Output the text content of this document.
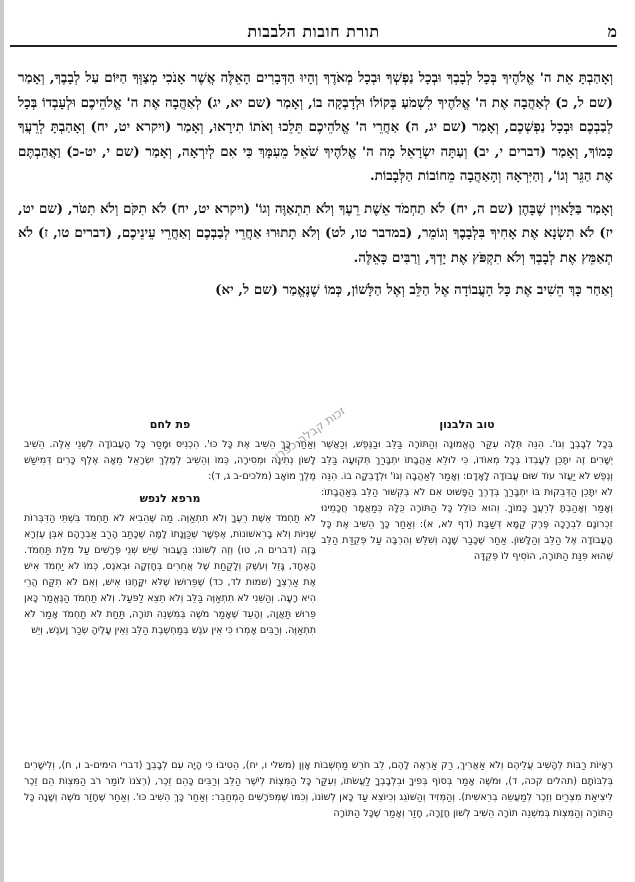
מ
תורת חובות הלבבות

וְאָהַבְתָּ אֵת ה' אֱלֹהֶיךָ בְּכָל לְבָבְךָ וּבְכָל נַפְשְׁךָ וּבְכָל מְאֹדֶךָ וְהָיוּ הַדְּבָרִים הָאֵלֶּה אֲשֶׁר אָנֹכִי מְצַוְּךָ הַיּוֹם עַל לְבָבֶךָ, וְאָמַר (שם ל, כ) לְאַהֲבָה אֶת ה' אֱלֹהֶיךָ לִשְׁמֹעַ בְּקוֹלוֹ וּלְדָבְקָה בוֹ, וְאָמַר (שם יא, יג) לְאַהֲבָה אֶת ה' אֱלֹהֵיכֶם וּלְעָבְדוֹ בְּכָל לְבַבְכֶם וּבְכָל נַפְשְׁכֶם, וְאָמַר (שם יג, ה) אַחֲרֵי ה' אֱלֹהֵיכֶם תֵּלֵכוּ וְאֹתוֹ תִירָאוּ, וְאָמַר (ויקרא יט, יח) וְאָהַבְתָּ לְרֵעֲךָ כָּמוֹךָ, וְאָמַר (דברים י, יב) וְעַתָּה יִשְׂרָאֵל מָה ה' אֱלֹהֶיךָ שֹׁאֵל מֵעִמָּךְ כִּי אִם לְיִרְאָה, וְאָמַר (שם י, יט-כ) וַאֲהַבְתֶּם אֶת הַגֵּר וְגוֹ', וְהַיִּרְאָה וְהָאַהֲבָה מֵחוֹבוֹת הַלְּבָבוֹת.

וְאָמַר בַּלָּאוִין שֶׁבָּהֶן (שם ה, יח) לֹא תַחְמֹד אֵשֶׁת רֵעֶךָ וְלֹא תִתְאַוֶּה וְגוֹ' (ויקרא יט, יח) לֹא תִקֹּם וְלֹא תִטֹּר, (שם יט, יז) לֹא תִשְׂנָא אֶת אָחִיךָ בִּלְבָבֶךָ וְגוֹמֵר, (במדבר טו, לט) וְלֹא תָתוּרוּ אַחֲרֵי לְבַבְכֶם וְאַחֲרֵי עֵינֵיכֶם, (דברים טו, ז) לֹא תְאַמֵּץ אֶת לְבָבְךָ וְלֹא תִקְפֹּץ אֶת יָדְךָ, וְרַבִּים כָּאֵלֶּה.

וְאַחַר כָּךְ הֵשִׁיב אֶת כָּל הָעֲבוֹדָה אֶל הַלֵּב וְאֶל הַלָּשׁוֹן, כְּמוֹ שֶׁנֶּאֱמַר (שם ל, יא)

זכות קבלה כפרי	טוב הלבנון

בְּכָל לְבָבְךָ וְגוֹ'. הִנֵּה תְּלָה עִקַּר הָאֱמוּנָה וְהַתּוֹרָה בַּלֵּב וּבַנֶּפֶשׁ, וְכַאֲשֶׁר יְשָׁרִים זֶה יִתָּכֵן לְעָבְדוֹ בְּכָל מְאוֹדוֹ, כִּי לוּלֵא אַהֲבָתוֹ יִתְבָּרַךְ תְּקוּעָה בַּלֵּב וְנֶפֶשׁ לֹא יַעֲזֹר עוֹד שׁוּם עֲבוֹדָה לָאָדָם: וְאָמַר לְאַהֲבָה וְגוֹ' וּלְדָבְקָה בוֹ. הִנֵּה לֹא יִתָּכֵן הַדְּבֵקוּת בּוֹ יִתְבָּרַךְ בְּדֶרֶךְ הַפָּשׁוּט אִם לֹא בְּקִשּׁוּר הַלֵּב בְּאַהֲבָתוֹ: וְאָמַר וְאָהַבְתָּ לְרֵעֲךָ כָּמוֹךָ. וְהוּא כּוֹלֵל כָּל הַתּוֹרָה כֻּלָּהּ כְּמַאֲמָר חֲכָמֵינוּ זִכְרוֹנָם לִבְרָכָה פֶּרֶק קַמָּא דְּשַׁבָּת (דף לא, א): וְאַחַר כָּךְ הֵשִׁיב אֶת כָּל הָעֲבוֹדָה אֶל הַלֵּב וְהַלָּשׁוֹן. אַחַר שֶׁכָּבַר שָׁנָה וְשִׁלֵּשׁ וְהִרְבָּה עַל פְּקֻדַּת הַלֵּב שֶׁהוּא פִּנַּת הַתּוֹרָה, הוֹסִיף לוֹ פְּקֻדָּה

פת לחם

וְאַחַר כָּךְ הֵשִׁיב אֶת כָּל כּוּ'. הִכְנִיס וּמָסַר כָּל הָעֲבוֹדָה לִשְׁנֵי אֵלֶּה. הֵשִׁיב לָשׁוֹן נְתִינָה וּמְסִירָה, כְּמוֹ וְהֵשִׁיב לְמֶלֶךְ יִשְׂרָאֵל מֵאָה אֶלֶף כָּרִים דְּמִישַׁשׁ מֶלֶךְ מוֹאָב (מלכים-ב ג, ד):

מרפא לנפש

לֹא תַחְמֹד אֵשֶׁת רֵעֶךָ וְלֹא תִתְאַוֶּה. מַה שֶּׁהֵבִיא לֹא תַחְמֹד בִּשְׁתֵּי הַדִּבְּרוֹת שְׁנִיּוֹת וְלֹא בָרִאשׁוֹנוֹת, אֶפְשָׁר שֶׁכַּוָּנָתוֹ לָמָּה שֶׁכָּתַב הָרַב אַבְרָהָם אִבְּן עֶזְרָא בָּזֶה (דברים ה, טו) וְזֶה לְשׁוֹנוֹ: בַּעֲבוּר שֶׁיֵּשׁ שְׁנֵי פְּרָשִׁים עַל מִלַּת תַּחְמֹד. הָאֶחָד, גָּזֵל וְעֹשֶׁק וְלָקַחַת שֶׁל אֲחֵרִים בְּחָזְקָה וּבְאֹנֶס, כְּמוֹ לֹא יַחְמֹד אִישׁ אֶת אַרְצְךָ (שמות לד, כד) שֶׁפֵּרוּשׁוֹ שֶׁלֹּא יִקָּחֶנּוּ אִישׁ, וְאִם לֹא תִקַּח הֲרֵי הִיא רָעָה. וְהַשֵּׁנִי לֹא תִתְאַוֶּה בַּלֵּב וְלֹא תֵצֵא לַפֹּעַל. וְלֹא תַחְמֹד הַנֶּאֱמַר כָּאן פֵּרוּשׁ תַּאֲוָה, וְהָעֵד שֶׁאָמַר מֹשֶׁה בְּמִשְׁנֵה תוֹרָה, תַּחַת לֹא תַחְמֹד אָמַר לֹא תִתְאַוֶּה. וְרַבִּים אָמְרוּ כִּי אֵין עֹנֶשׁ בְּמַחְשֶׁבֶת הַלֵּב וְאֵין עָלֶיהָ שְׂכַר וָעֹנֶשׁ, וְיֵשׁ

רְאָיוֹת רַבּוֹת לְהָשִׁיב עֲלֵיהֶם וְלֹא אַאֲרִיךְ, רַק אַרְאֶה לָהֶם, לֵב חֹרֵשׁ מַחְשְׁבוֹת אָוֶן (משלי ו, יח), הֵטִיבוּ כִּי הָיָה עִם לְבָבְךָ (דברי הימים-ב ו, ח), וְלִישָׁרִים בְּלִבּוֹתָם (תהלים קכה, ד), וּמֹשֶׁה אָמַר בְּסוֹף בְּפִיךָ וּבִלְבָבְךָ לַעֲשֹׂתוֹ, וְעִקַּר כָּל הַמִּצְוֹת לְיֹשֶׁר הַלֵּב וְרַבִּים כָּהֵם זֵכֶר, (רְצֹנוֹ לוֹמַר רֹב הַמִּצְוֹת הֵם זֵכֶר לִיצִיאַת מִצְרַיִם וְזֵכֶר לְמַעֲשֵׂה בְרֵאשִׁית). וְהַמְּזִיד וְהַשּׁוֹגֵג וְכִיוֹצֵא עַד כָּאן לְשׁוֹנוֹ, וְכִמּוֹ שֶׁמְּפֹרָשִׁים הַמְחַבֵּר: וְאַחַר כָּךְ הֵשִׁיב כּוּ'. וְאַחַר שֶׁחָזַר מֹשֶׁה וְשָׁנָה כָּל הַתּוֹרָה וְהַמִּצְוֹת בְּמִשְׁנֵה תוֹרָה הֵשִׁיב לְשׁוֹן חֲזָרָה, חָזַר וְאָמַר שֶׁכָּל הַתּוֹרָה
